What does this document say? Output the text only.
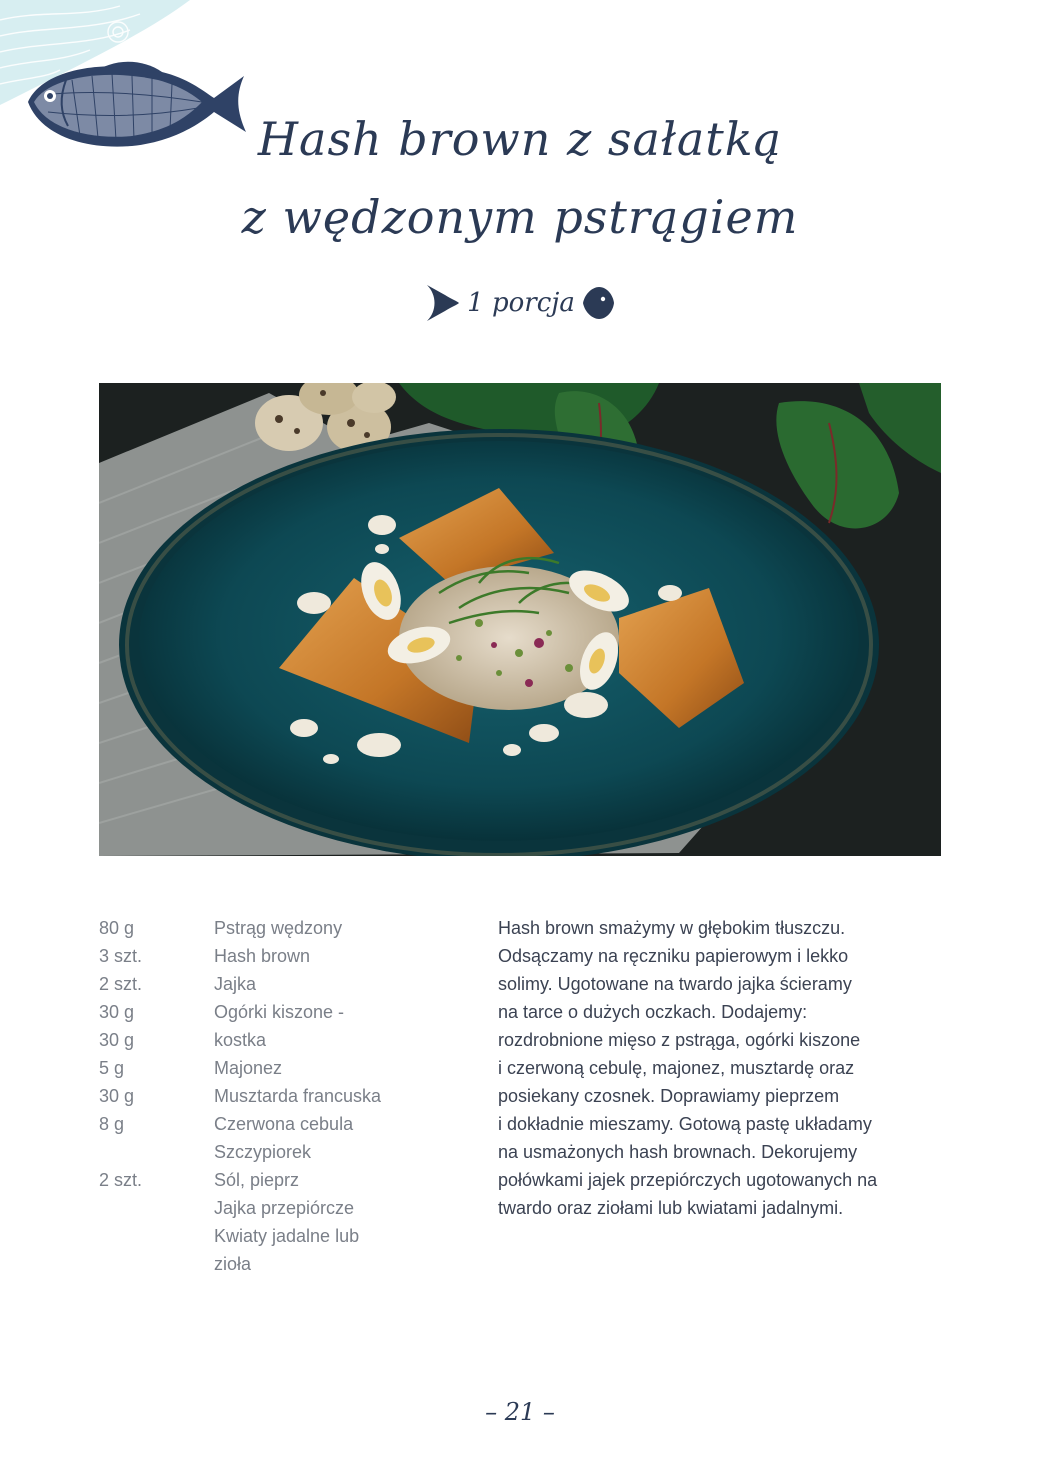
Hash brown z sałatką
z wędzonym pstrągiem
1 porcja
80 g
3 szt.
2 szt.
30 g
30 g
5 g
30 g
8 g
2 szt.
Pstrąg wędzony
Hash brown
Jajka
Ogórki kiszone -
kostka
Majonez
Musztarda francuska
Czerwona cebula
Szczypiorek
Sól, pieprz
Jajka przepiórcze
Kwiaty jadalne lub
zioła
Hash brown smażymy w głębokim tłuszczu.
Odsączamy na ręczniku papierowym i lekko
solimy. Ugotowane na twardo jajka ścieramy
na tarce o dużych oczkach. Dodajemy:
rozdrobnione mięso z pstrąga, ogórki kiszone
i czerwoną cebulę, majonez, musztardę oraz
posiekany czosnek. Doprawiamy pieprzem
i dokładnie mieszamy. Gotową pastę układamy
na usmażonych hash brownach. Dekorujemy
połówkami jajek przepiórczych ugotowanych na
twardo oraz ziołami lub kwiatami jadalnymi.
– 21 –
